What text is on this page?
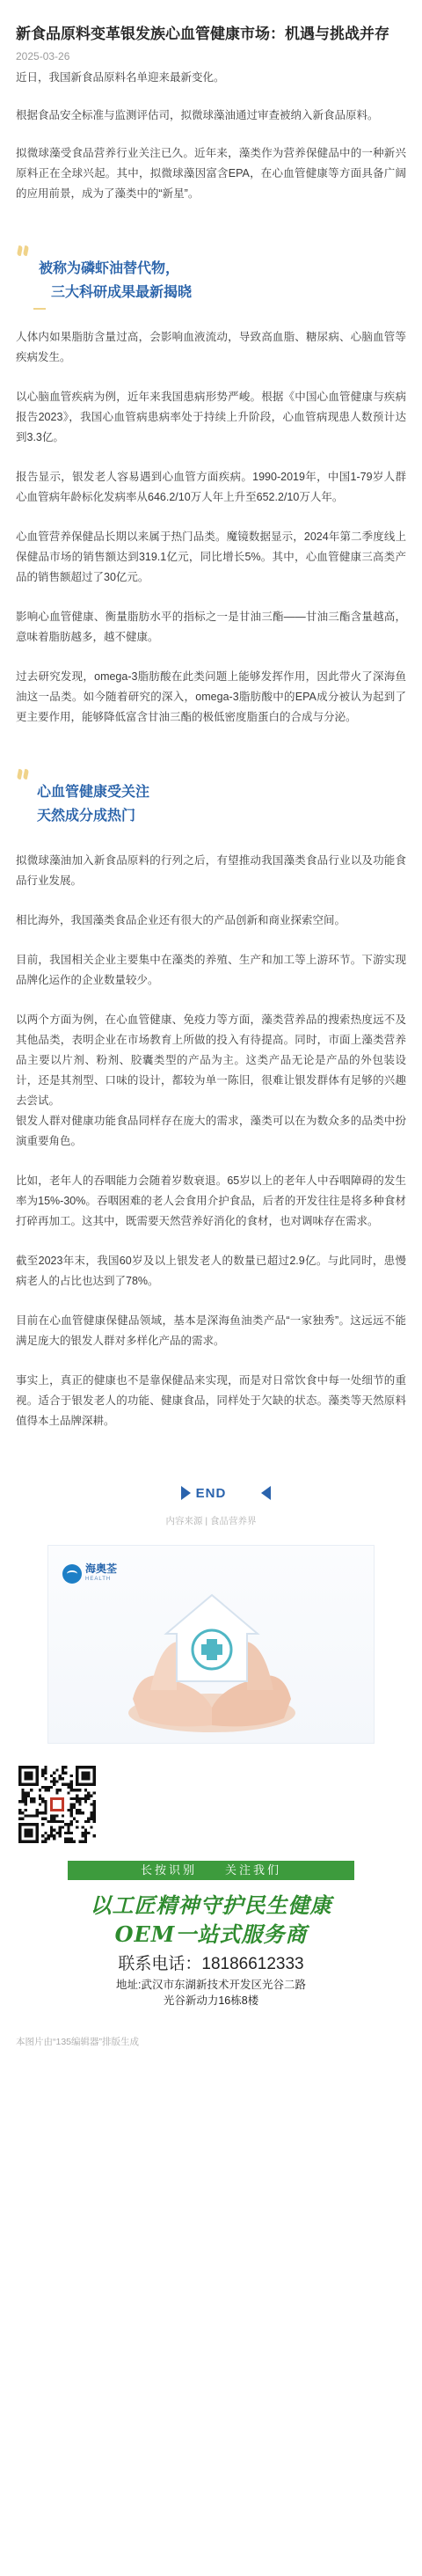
新食品原料变革银发族心血管健康市场：机遇与挑战并存
2025-03-26

近日，我国新食品原料名单迎来最新变化。

根据食品安全标准与监测评估司，拟微球藻油通过审查被纳入新食品原料。

拟微球藻受食品营养行业关注已久。近年来，藻类作为营养保健品中的一种新兴原料正在全球兴起。其中，拟微球藻因富含EPA，在心血管健康等方面具备广阔的应用前景，成为了藻类中的“新星”。

被称为磷虾油替代物，
三大科研成果最新揭晓

人体内如果脂肪含量过高，会影响血液流动，导致高血脂、糖尿病、心脑血管等疾病发生。

以心脑血管疾病为例，近年来我国患病形势严峻。根据《中国心血管健康与疾病报告2023》，我国心血管病患病率处于持续上升阶段，心血管病现患人数预计达到3.3亿。

报告显示，银发老人容易遇到心血管方面疾病。1990-2019年，中国1-79岁人群心血管病年龄标化发病率从646.2/10万人年上升至652.2/10万人年。

心血管营养保健品长期以来属于热门品类。魔镜数据显示，2024年第二季度线上保健品市场的销售额达到319.1亿元，同比增长5%。其中，心血管健康三高类产品的销售额超过了30亿元。

影响心血管健康、衡量脂肪水平的指标之一是甘油三酯——甘油三酯含量越高，意味着脂肪越多，越不健康。

过去研究发现，omega-3脂肪酸在此类问题上能够发挥作用，因此带火了深海鱼油这一品类。如今随着研究的深入，omega-3脂肪酸中的EPA成分被认为起到了更主要作用，能够降低富含甘油三酯的极低密度脂蛋白的合成与分泌。

心血管健康受关注
天然成分成热门

拟微球藻油加入新食品原料的行列之后，有望推动我国藻类食品行业以及功能食品行业发展。

相比海外，我国藻类食品企业还有很大的产品创新和商业探索空间。

目前，我国相关企业主要集中在藻类的养殖、生产和加工等上游环节。下游实现品牌化运作的企业数量较少。

以两个方面为例，在心血管健康、免疫力等方面，藻类营养品的搜索热度远不及其他品类，表明企业在市场教育上所做的投入有待提高。同时，市面上藻类营养品主要以片剂、粉剂、胶囊类型的产品为主。这类产品无论是产品的外包装设计，还是其剂型、口味的设计，都较为单一陈旧，很难让银发群体有足够的兴趣去尝试。

银发人群对健康功能食品同样存在庞大的需求，藻类可以在为数众多的品类中扮演重要角色。

比如，老年人的吞咽能力会随着岁数衰退。65岁以上的老年人中吞咽障碍的发生率为15%-30%。吞咽困难的老人会食用介护食品，后者的开发往往是将多种食材打碎再加工。这其中，既需要天然营养好消化的食材，也对调味存在需求。

截至2023年末，我国60岁及以上银发老人的数量已超过2.9亿。与此同时，患慢病老人的占比也达到了78%。

目前在心血管健康保健品领域，基本是深海鱼油类产品“一家独秀”。这远远不能满足庞大的银发人群对多样化产品的需求。

事实上，真正的健康也不是靠保健品来实现，而是对日常饮食中每一处细节的重视。适合于银发老人的功能、健康食品，同样处于欠缺的状态。藻类等天然原料值得本土品牌深耕。

END
内容来源 | 食品营养界
海奥荃
HEALTH
长按识别　　关注我们
以工匠精神守护民生健康
OEM一站式服务商
联系电话：18186612333
地址:武汉市东湖新技术开发区光谷二路
光谷新动力16栋8楼
本图片由“135编辑器”排版生成
